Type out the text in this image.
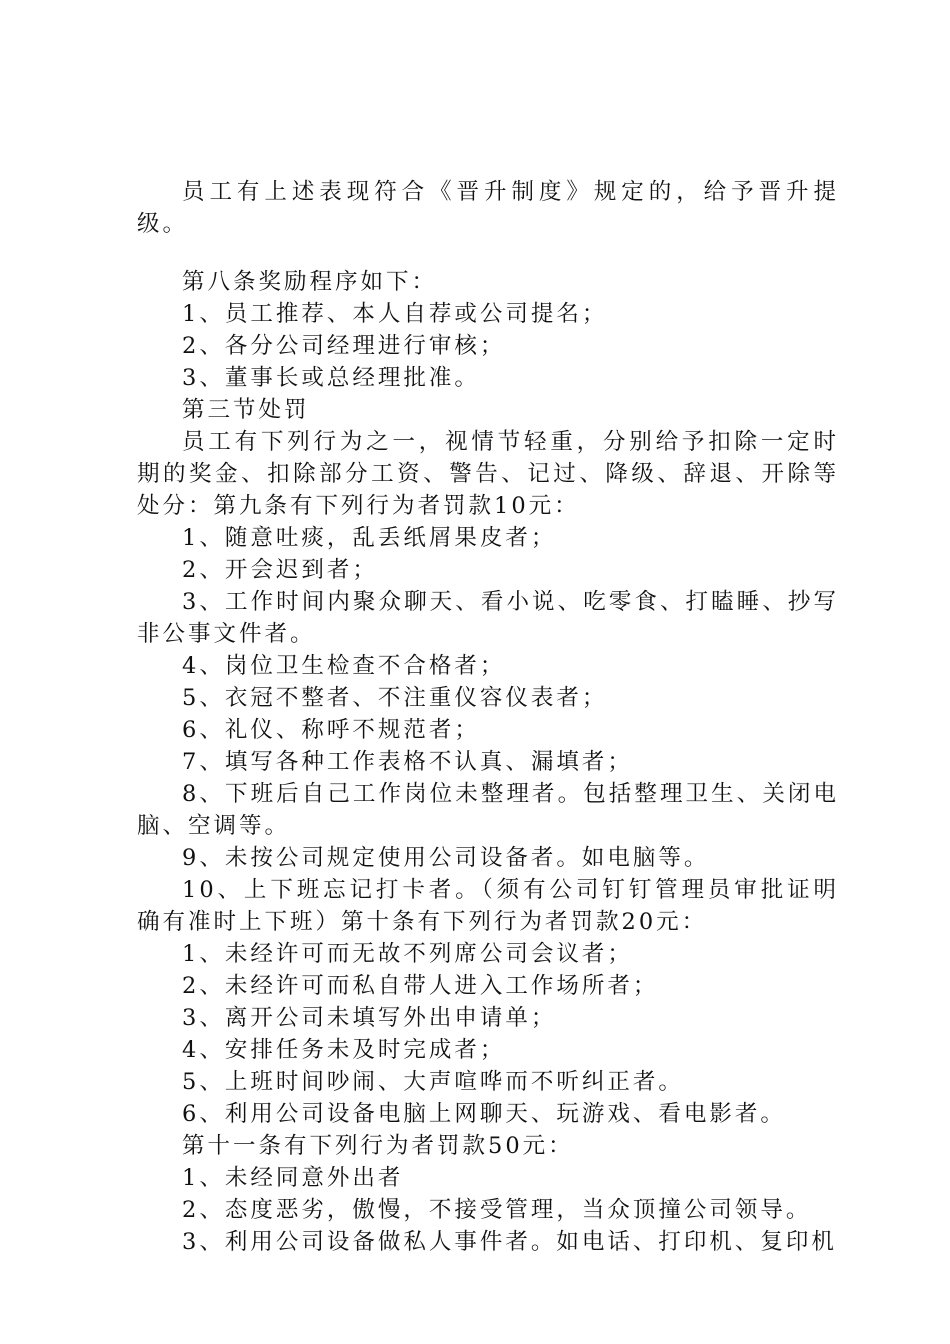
员工有上述表现符合《晋升制度》规定的，给予晋升提级。

第八条奖励程序如下：

1、员工推荐、本人自荐或公司提名；

2、各分公司经理进行审核；

3、董事长或总经理批准。

第三节处罚

员工有下列行为之一，视情节轻重，分别给予扣除一定时期的奖金、扣除部分工资、警告、记过、降级、辞退、开除等处分：第九条有下列行为者罚款10元：

1、随意吐痰，乱丢纸屑果皮者；

2、开会迟到者；

3、工作时间内聚众聊天、看小说、吃零食、打瞌睡、抄写非公事文件者。

4、岗位卫生检查不合格者；

5、衣冠不整者、不注重仪容仪表者；

6、礼仪、称呼不规范者；

7、填写各种工作表格不认真、漏填者；

8、下班后自己工作岗位未整理者。包括整理卫生、关闭电脑、空调等。

9、未按公司规定使用公司设备者。如电脑等。

10、上下班忘记打卡者。（须有公司钉钉管理员审批证明确有准时上下班）第十条有下列行为者罚款20元：

1、未经许可而无故不列席公司会议者；

2、未经许可而私自带人进入工作场所者；

3、离开公司未填写外出申请单；

4、安排任务未及时完成者；

5、上班时间吵闹、大声喧哗而不听纠正者。

6、利用公司设备电脑上网聊天、玩游戏、看电影者。

第十一条有下列行为者罚款50元：

1、未经同意外出者

2、态度恶劣，傲慢，不接受管理，当众顶撞公司领导。

3、利用公司设备做私人事件者。如电话、打印机、复印机
